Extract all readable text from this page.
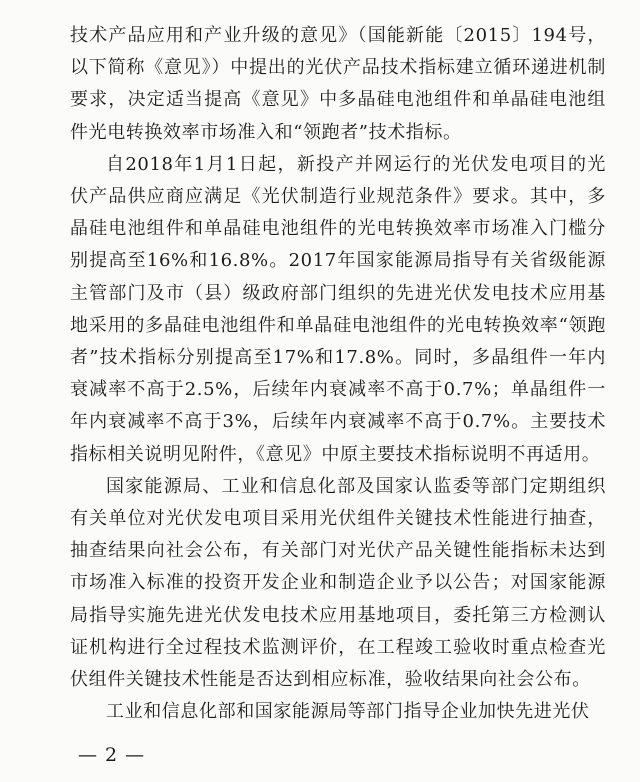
技术产品应用和产业升级的意见》（国能新能〔2015〕194号，以下简称《意见》）中提出的光伏产品技术指标建立循环递进机制要求，决定适当提高《意见》中多晶硅电池组件和单晶硅电池组件光电转换效率市场准入和“领跑者”技术指标。

自2018年1月1日起，新投产并网运行的光伏发电项目的光伏产品供应商应满足《光伏制造行业规范条件》要求。其中，多晶硅电池组件和单晶硅电池组件的光电转换效率市场准入门槛分别提高至16%和16.8%。2017年国家能源局指导有关省级能源主管部门及市（县）级政府部门组织的先进光伏发电技术应用基地采用的多晶硅电池组件和单晶硅电池组件的光电转换效率“领跑者”技术指标分别提高至17%和17.8%。同时，多晶组件一年内衰减率不高于2.5%，后续年内衰减率不高于0.7%；单晶组件一年内衰减率不高于3%，后续年内衰减率不高于0.7%。主要技术指标相关说明见附件，《意见》中原主要技术指标说明不再适用。

国家能源局、工业和信息化部及国家认监委等部门定期组织有关单位对光伏发电项目采用光伏组件关键技术性能进行抽查，抽查结果向社会公布，有关部门对光伏产品关键性能指标未达到市场准入标准的投资开发企业和制造企业予以公告；对国家能源局指导实施先进光伏发电技术应用基地项目，委托第三方检测认证机构进行全过程技术监测评价，在工程竣工验收时重点检查光伏组件关键技术性能是否达到相应标准，验收结果向社会公布。

工业和信息化部和国家能源局等部门指导企业加快先进光伏

— 2 —
